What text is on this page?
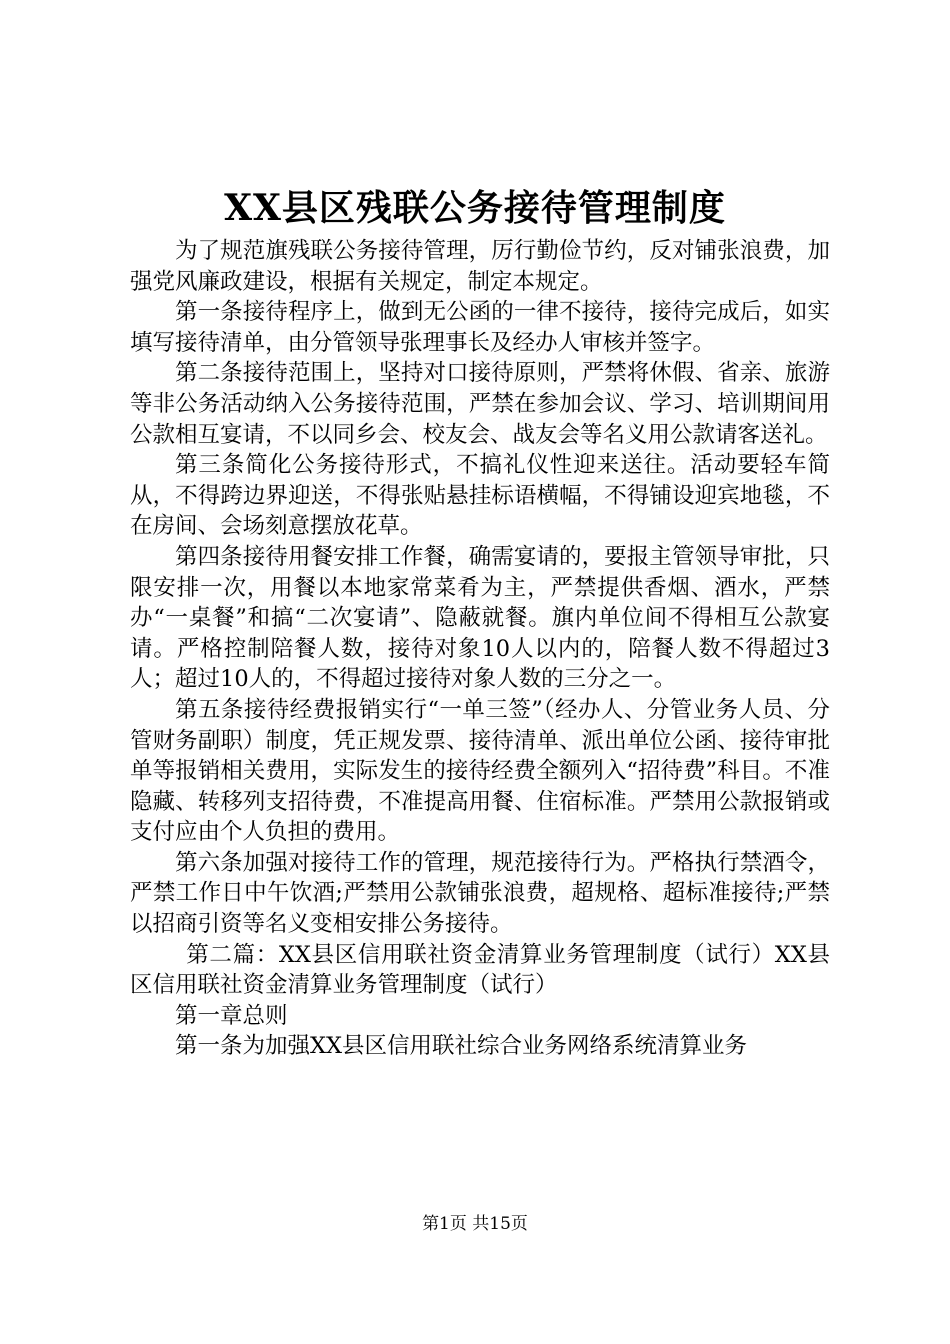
XX县区残联公务接待管理制度

为了规范旗残联公务接待管理，厉行勤俭节约，反对铺张浪费，加强党风廉政建设，根据有关规定，制定本规定。

第一条接待程序上，做到无公函的一律不接待，接待完成后，如实填写接待清单，由分管领导张理事长及经办人审核并签字。

第二条接待范围上，坚持对口接待原则，严禁将休假、省亲、旅游等非公务活动纳入公务接待范围，严禁在参加会议、学习、培训期间用公款相互宴请，不以同乡会、校友会、战友会等名义用公款请客送礼。

第三条简化公务接待形式，不搞礼仪性迎来送往。活动要轻车简从，不得跨边界迎送，不得张贴悬挂标语横幅，不得铺设迎宾地毯，不在房间、会场刻意摆放花草。

第四条接待用餐安排工作餐，确需宴请的，要报主管领导审批，只限安排一次，用餐以本地家常菜肴为主，严禁提供香烟、酒水，严禁办“一桌餐”和搞“二次宴请”、隐蔽就餐。旗内单位间不得相互公款宴请。严格控制陪餐人数，接待对象10人以内的，陪餐人数不得超过3人；超过10人的，不得超过接待对象人数的三分之一。

第五条接待经费报销实行“一单三签”（经办人、分管业务人员、分管财务副职）制度，凭正规发票、接待清单、派出单位公函、接待审批单等报销相关费用，实际发生的接待经费全额列入“招待费”科目。不准隐藏、转移列支招待费，不准提高用餐、住宿标准。严禁用公款报销或支付应由个人负担的费用。

第六条加强对接待工作的管理，规范接待行为。严格执行禁酒令，严禁工作日中午饮酒;严禁用公款铺张浪费，超规格、超标准接待;严禁以招商引资等名义变相安排公务接待。

第二篇：XX县区信用联社资金清算业务管理制度（试行）XX县区信用联社资金清算业务管理制度（试行）

第一章总则

第一条为加强XX县区信用联社综合业务网络系统清算业务

第1页 共15页
